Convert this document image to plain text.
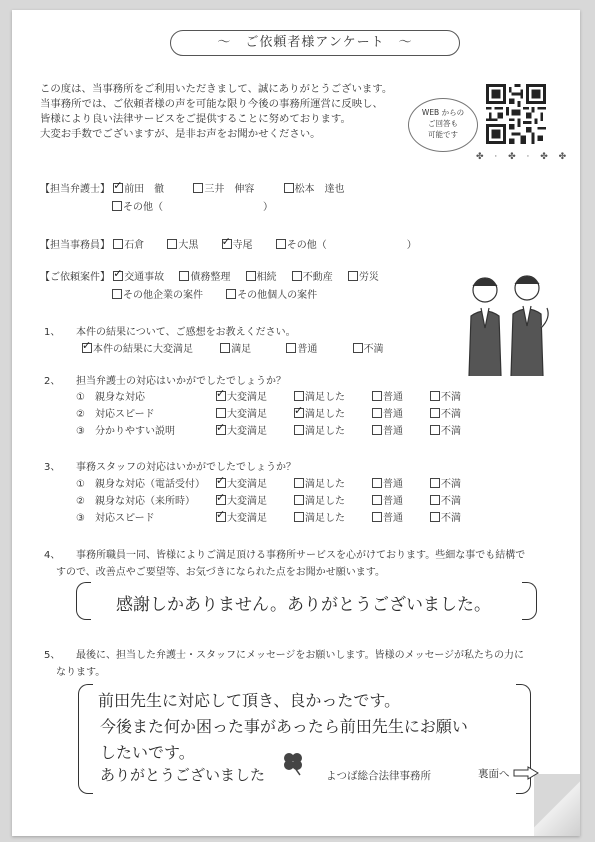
～　ご依頼者様アンケート　～
この度は、当事務所をご利用いただきまして、誠にありがとうございます。
当事務所では、ご依頼者様の声を可能な限り今後の事務所運営に反映し、
皆様により良い法律サービスをご提供することに努めております。
大変お手数でございますが、是非お声をお聞かせください。
WEB からの
ご回答も
可能です
✤ · ✤ · ✤ ✤
【担当弁護士】 ✓ 前田　徹	三井　伸容	松本　達也
その他（　　　　　　　　　　）
【担当事務員】 石倉	大黒 ✓	寺尾	その他（　　　　　　　　）
【ご依頼案件】 ✓ 交通事故	債務整理	相続	不動産	労災
その他企業の案件	その他個人の案件
1、 本件の結果について、ご感想をお教えください。
✓本件の結果に大変満足	満足	普通	不満
2、 担当弁護士の対応はいかがでしたでしょうか？
①　親身な対応 ✓	大変満足	満足した	普通	不満
②　対応スピード	大変満足 ✓	満足した	普通	不満
③　分かりやすい説明 ✓	大変満足	満足した	普通	不満
3、 事務スタッフの対応はいかがでしたでしょうか？
①　親身な対応（電話受付） ✓	大変満足	満足した	普通	不満
②　親身な対応（来所時） ✓	大変満足	満足した	普通	不満
③　対応スピード ✓	大変満足	満足した	普通	不満
4、 事務所職員一同、皆様によりご満足頂ける事務所サービスを心がけております。些細な事でも結構で
すので、改善点やご要望等、お気づきになられた点をお聞かせ願います。
感謝しかありません。ありがとうございました。
5、 最後に、担当した弁護士・スタッフにメッセージをお願いします。皆様のメッセージが私たちの力に
なります。
前田先生に対応して頂き、良かったです。
今後また何か困った事があったら前田先生にお願い
したいです。
ありがとうございました	よつば総合法律事務所	裏面へ
